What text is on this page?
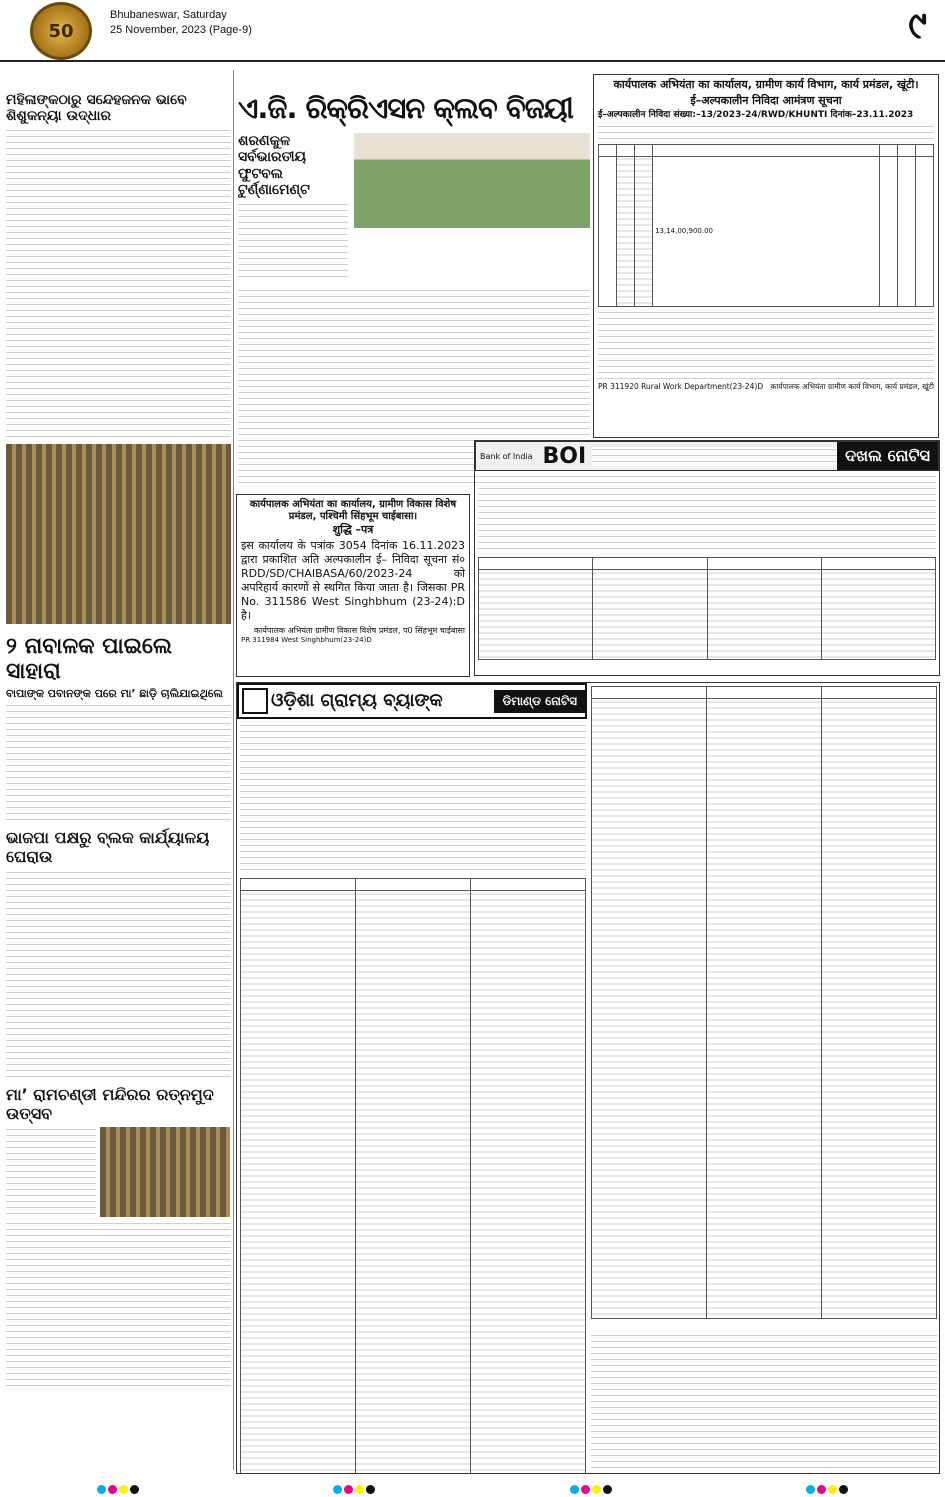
50
Bhubaneswar, Saturday
25 November, 2023 (Page-9)	୯
ମହିଳାଙ୍କଠାରୁ ସନ୍ଦେହଜନକ ଭାବେ ଶିଶୁକନ୍ୟା ଉଦ୍ଧାର
୨ ନାବାଳକ ପାଇଲେ ସାହାରା
ବାପାଙ୍କ ପବାନଙ୍କ ପରେ ମା’ ଛାଡ଼ି ଚାଲିଯାଇଥିଲେ
ଭାଜପା ପକ୍ଷରୁ ବ୍ଲକ କାର୍ଯ୍ୟାଳୟ ଘେରାଉ
ମା’ ରାମଚଣ୍ଡୀ ମନ୍ଦିରର ରତ୍ନମୁଦ ଉତ୍ସବ
ଏ.ଜି. ରିକ୍ରିଏସନ କ୍ଲବ ବିଜୟୀ
ଶରଣକୁଳ ସର୍ବଭାରତୀୟ ଫୁଟବଲ ଟୁର୍ଣ୍ଣାମେଣ୍ଟ
कार्यपालक अभियंता का कार्यालय, ग्रामीण विकास विशेष प्रमंडल, पश्चिमी सिंहभूम चाईबासा।
शुद्धि –पत्र
इस कार्यालय के पत्रांक 3054 दिनांक 16.11.2023 द्वारा प्रकाशित अति अल्पकालीन ई– निविदा सूचना सं० RDD/SD/CHAIBASA/60/2023-24 को अपरिहार्य कारणों से स्थगित किया जाता है। जिसका PR No. 311586 West Singhbhum (23-24):D है।
कार्यपालक अभियंता ग्रामीण विकास विशेष प्रमंडल, प0 सिंहभूम चाईबासा
PR 311984 West Singhbhum(23-24)D
कार्यपालक अभियंता का कार्यालय, ग्रामीण कार्य विभाग, कार्य प्रमंडल, खूंटी।
ई–अल्पकालीन निविदा आमंत्रण सूचना
ई–अल्पकालीन निविदा संख्या:–13/2023-24/RWD/KHUNTI दिनांक–23.11.2023

			13,14,00,900.00			
PR 311920 Rural Work Department(23-24)D कार्यपालक अभियंता ग्रामीण कार्य विभाग, कार्य प्रमंडल, खूंटी
Bank of India BOI
	ଦଖଲ ନୋଟିସ

ଓଡ଼ିଶା ଗ୍ରାମ୍ୟ ବ୍ୟାଙ୍କ	ଡିମାଣ୍ଡ ନୋଟିସ
